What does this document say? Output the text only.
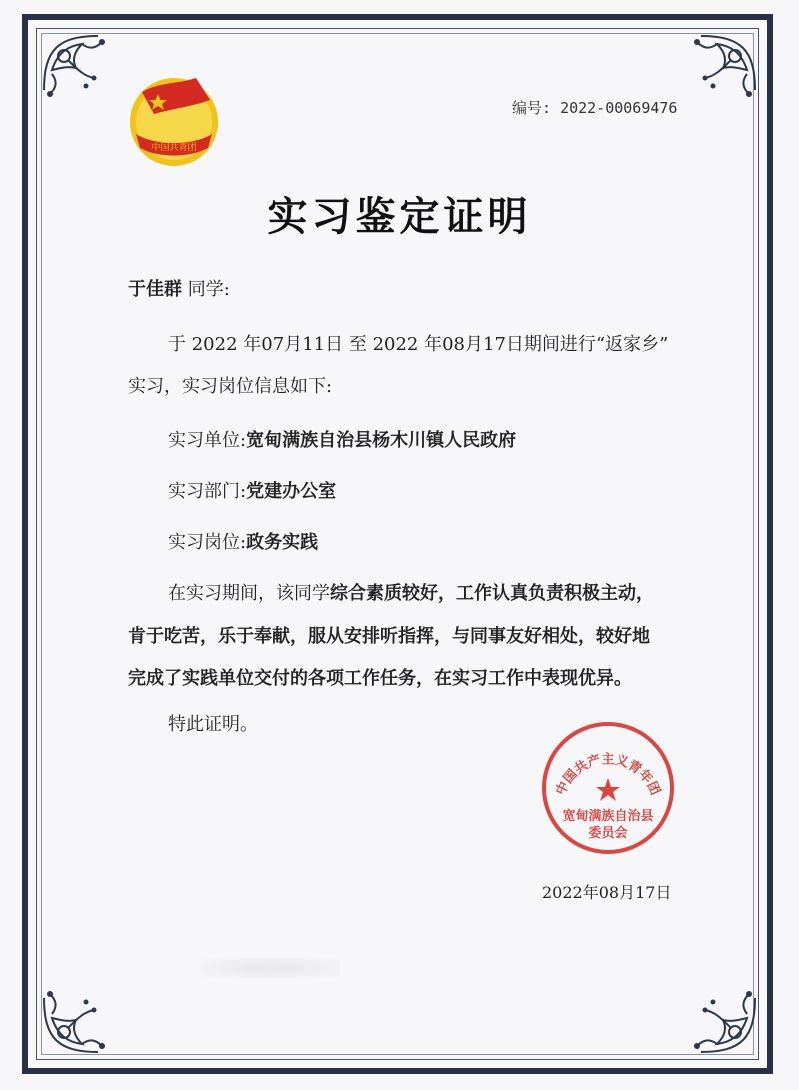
中国共青团
编号: 2022-00069476
实习鉴定证明
于佳群 同学:
于 2022 年07月11日 至 2022 年08月17日期间进行“返家乡”
实习，实习岗位信息如下:
实习单位:宽甸满族自治县杨木川镇人民政府
实习部门:党建办公室
实习岗位:政务实践
在实习期间，该同学综合素质较好，工作认真负责积极主动，
肯于吃苦，乐于奉献，服从安排听指挥，与同事友好相处，较好地
完成了实践单位交付的各项工作任务，在实习工作中表现优异。
特此证明。
中国共产主义青年团
宽甸满族自治县
委员会
2022年08月17日
